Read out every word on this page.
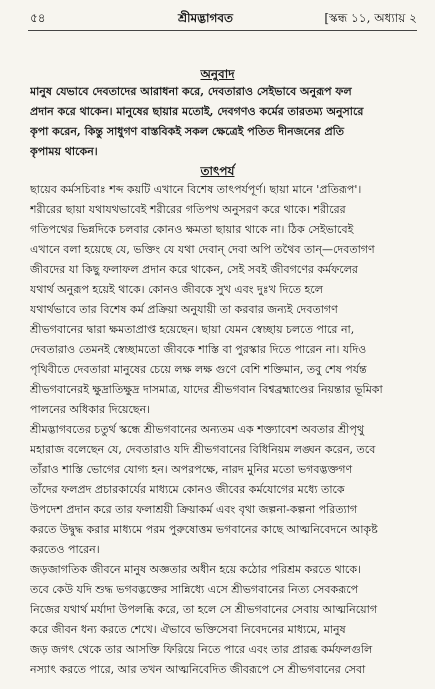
৫৪	শ্রীমদ্ভাগবত	[স্কন্ধ ১১, অধ্যায় ২
অনুবাদ
মানুষ যেভাবে দেবতাদের আরাধনা করে, দেবতারাও সেইভাবে অনুরূপ ফল
প্রদান করে থাকেন। মানুষের ছায়ার মতোই, দেবগণও কর্মের তারতম্য অনুসারে
কৃপা করেন, কিন্তু সাধুগণ বাস্তবিকই সকল ক্ষেত্রেই পতিত দীনজনের প্রতি
কৃপাময় থাকেন।
তাৎপর্য
ছায়েব কর্মসচিবাঃ শব্দ কয়টি এখানে বিশেষ তাৎপর্যপূর্ণ। ছায়া মানে 'প্রতিরূপ'।
শরীরের ছায়া যথাযথভাবেই শরীরের গতিপথ অনুসরণ করে থাকে। শরীরের
গতিপথের ভিন্নদিকে চলবার কোনও ক্ষমতা ছায়ার থাকে না। ঠিক সেইভাবেই
এখানে বলা হয়েছে যে, ভক্তিং যে যথা দেবান্ দেবা অপি তথৈব তান্—দেবতাগণ
জীবদের যা কিছু ফলাফল প্রদান করে থাকেন, সেই সবই জীবগণের কর্মফলের
যথার্থ অনুরূপ হয়েই থাকে। কোনও জীবকে সুখ এবং দুঃখ দিতে হলে
যথার্থভাবে তার বিশেষ কর্ম প্রক্রিয়া অনুযায়ী তা করবার জন্যই দেবতাগণ
শ্রীভগবানের দ্বারা ক্ষমতাপ্রাপ্ত হয়েছেন। ছায়া যেমন স্বেচ্ছায় চলতে পারে না,
দেবতারাও তেমনই স্বেচ্ছামতো জীবকে শাস্তি বা পুরস্কার দিতে পারেন না। যদিও
পৃথিবীতে দেবতারা মানুষের চেয়ে লক্ষ লক্ষ গুণে বেশি শক্তিমান, তবু শেষ পর্যন্ত
শ্রীভগবানেরই ক্ষুদ্রাতিক্ষুদ্র দাসমাত্র, যাদের শ্রীভগবান বিশ্বব্রহ্মাণ্ডের নিয়ন্তার ভূমিকা
পালনের অধিকার দিয়েছেন।
শ্রীমদ্ভাগবতের চতুর্থ স্কন্ধে শ্রীভগবানের অন্যতম এক শক্ত্যাবেশ অবতার শ্রীপৃথু
মহারাজ বলেছেন যে, দেবতারাও যদি শ্রীভগবানের বিধিনিয়ম লঙ্ঘন করেন, তবে
তাঁরাও শাস্তি ভোগের যোগ্য হন। অপরপক্ষে, নারদ মুনির মতো ভগবদ্ভক্তগণ
তাঁদের ফলপ্রদ প্রচারকার্যের মাধ্যমে কোনও জীবের কর্মযোগের মধ্যে তাকে
উপদেশ প্রদান করে তার ফলাশ্রয়ী ক্রিয়াকর্ম এবং বৃথা জল্পনা-কল্পনা পরিত্যাগ
করতে উদ্বুদ্ধ করার মাধ্যমে পরম পুরুষোত্তম ভগবানের কাছে আত্মনিবেদনে আকৃষ্ট
করতেও পারেন।
জড়জাগতিক জীবনে মানুষ অজ্ঞতার অধীন হয়ে কঠোর পরিশ্রম করতে থাকে।
তবে কেউ যদি শুদ্ধ ভগবদ্ভক্তের সান্নিধ্যে এসে শ্রীভগবানের নিত্য সেবকরূপে
নিজের যথার্থ মর্যাদা উপলব্ধি করে, তা হলে সে শ্রীভগবানের সেবায় আত্মনিয়োগ
করে জীবন ধন্য করতে শেখে। ঐভাবে ভক্তিসেবা নিবেদনের মাধ্যমে, মানুষ
জড় জগৎ থেকে তার আসক্তি ফিরিয়ে নিতে পারে এবং তার প্রারব্ধ কর্মফলগুলি
নস্যাৎ করতে পারে, আর তখন আত্মনিবেদিত জীবরূপে সে শ্রীভগবানের সেবা
